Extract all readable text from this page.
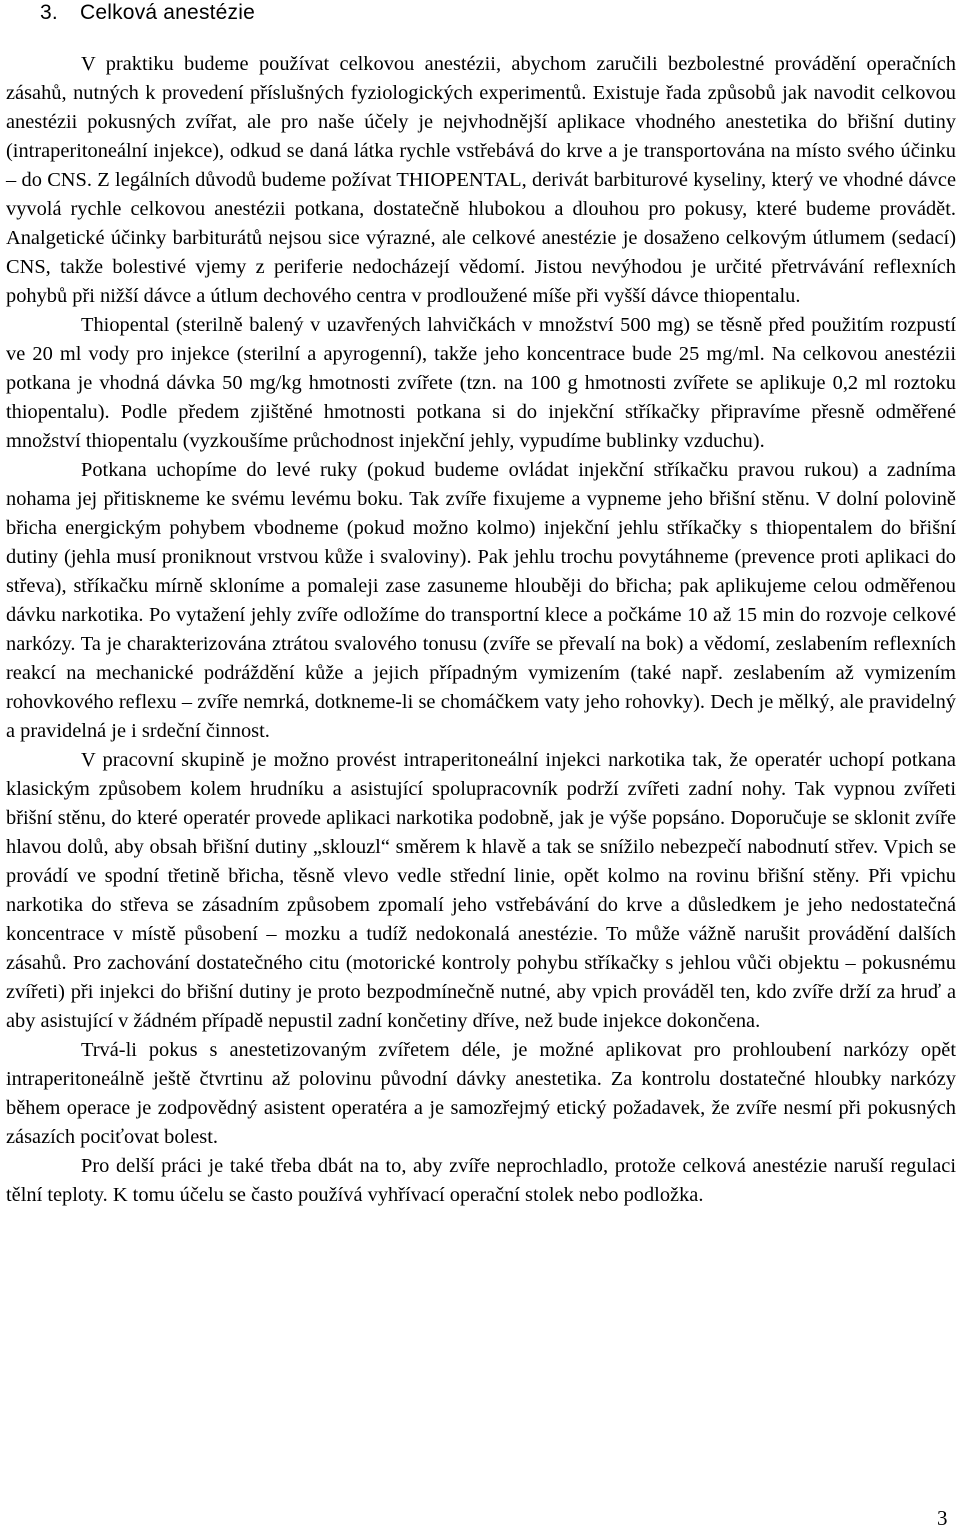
3. Celková anestézie

V praktiku budeme používat celkovou anestézii, abychom zaručili bezbolestné provádění operačních zásahů, nutných k provedení příslušných fyziologických experimentů. Existuje řada způsobů jak navodit celkovou anestézii pokusných zvířat, ale pro naše účely je nejvhodnější aplikace vhodného anestetika do břišní dutiny (intraperitoneální injekce), odkud se daná látka rychle vstřebává do krve a je transportována na místo svého účinku – do CNS. Z legálních důvodů budeme požívat THIOPENTAL, derivát barbiturové kyseliny, který ve vhodné dávce vyvolá rychle celkovou anestézii potkana, dostatečně hlubokou a dlouhou pro pokusy, které budeme provádět. Analgetické účinky barbiturátů nejsou sice výrazné, ale celkové anestézie je dosaženo celkovým útlumem (sedací) CNS, takže bolestivé vjemy z periferie nedocházejí vědomí. Jistou nevýhodou je určité přetrvávání reflexních pohybů při nižší dávce a útlum dechového centra v prodloužené míše při vyšší dávce thiopentalu.

Thiopental (sterilně balený v uzavřených lahvičkách v množství 500 mg) se těsně před použitím rozpustí ve 20 ml vody pro injekce (sterilní a apyrogenní), takže jeho koncentrace bude 25 mg/ml. Na celkovou anestézii potkana je vhodná dávka 50 mg/kg hmotnosti zvířete (tzn. na 100 g hmotnosti zvířete se aplikuje 0,2 ml roztoku thiopentalu). Podle předem zjištěné hmotnosti potkana si do injekční stříkačky připravíme přesně odměřené množství thiopentalu (vyzkoušíme průchodnost injekční jehly, vypudíme bublinky vzduchu).

Potkana uchopíme do levé ruky (pokud budeme ovládat injekční stříkačku pravou rukou) a zadníma nohama jej přitiskneme ke svému levému boku. Tak zvíře fixujeme a vypneme jeho břišní stěnu. V dolní polovině břicha energickým pohybem vbodneme (pokud možno kolmo) injekční jehlu stříkačky s thiopentalem do břišní dutiny (jehla musí proniknout vrstvou kůže i svaloviny). Pak jehlu trochu povytáhneme (prevence proti aplikaci do střeva), stříkačku mírně skloníme a pomaleji zase zasuneme hlouběji do břicha; pak aplikujeme celou odměřenou dávku narkotika. Po vytažení jehly zvíře odložíme do transportní klece a počkáme 10 až 15 min do rozvoje celkové narkózy. Ta je charakterizována ztrátou svalového tonusu (zvíře se převalí na bok) a vědomí, zeslabením reflexních reakcí na mechanické podráždění kůže a jejich případným vymizením (také např. zeslabením až vymizením rohovkového reflexu – zvíře nemrká, dotkneme-li se chomáčkem vaty jeho rohovky). Dech je mělký, ale pravidelný a pravidelná je i srdeční činnost.

V pracovní skupině je možno provést intraperitoneální injekci narkotika tak, že operatér uchopí potkana klasickým způsobem kolem hrudníku a asistující spolupracovník podrží zvířeti zadní nohy. Tak vypnou zvířeti břišní stěnu, do které operatér provede aplikaci narkotika podobně, jak je výše popsáno. Doporučuje se sklonit zvíře hlavou dolů, aby obsah břišní dutiny „sklouzl“ směrem k hlavě a tak se snížilo nebezpečí nabodnutí střev. Vpich se provádí ve spodní třetině břicha, těsně vlevo vedle střední linie, opět kolmo na rovinu břišní stěny. Při vpichu narkotika do střeva se zásadním způsobem zpomalí jeho vstřebávání do krve a důsledkem je jeho nedostatečná koncentrace v místě působení – mozku a tudíž nedokonalá anestézie. To může vážně narušit provádění dalších zásahů. Pro zachování dostatečného citu (motorické kontroly pohybu stříkačky s jehlou vůči objektu – pokusnému zvířeti) při injekci do břišní dutiny je proto bezpodmínečně nutné, aby vpich prováděl ten, kdo zvíře drží za hruď a aby asistující v žádném případě nepustil zadní končetiny dříve, než bude injekce dokončena.

Trvá-li pokus s anestetizovaným zvířetem déle, je možné aplikovat pro prohloubení narkózy opět intraperitoneálně ještě čtvrtinu až polovinu původní dávky anestetika. Za kontrolu dostatečné hloubky narkózy během operace je zodpovědný asistent operatéra a je samozřejmý etický požadavek, že zvíře nesmí při pokusných zásazích pociťovat bolest.

Pro delší práci je také třeba dbát na to, aby zvíře neprochladlo, protože celková anestézie naruší regulaci tělní teploty. K tomu účelu se často používá vyhřívací operační stolek nebo podložka.

3
